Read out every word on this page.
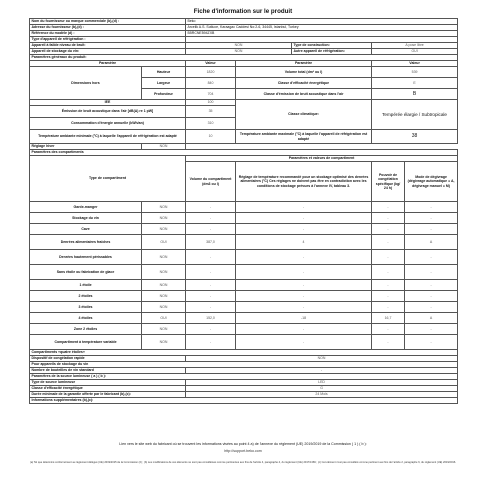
Fiche d'information sur le produit
Nom du fournisseur ou marque commerciale (b),(d) :		Beko				
Adresse du fournisseur (b),(d) :		Arcelik A.S. Sutluce, Karaagac Caddesi No:2-6, 34445, Istanbul, Turkey				
Référence du modèle (d) :		B5RCNE594ZXB				
Type d'appareil de réfrigération :						
Appareil à faible niveau de bruit:		NON		Type de construction:	A pose libre	
Appareil de stockage du vin:		NON		Autre appareil de réfrigération:	OUI	
Paramètres généraux du produit:						
Paramètre		Valeur	Paramètre		Valeur	
Dimensions hors	Hauteur	1820	Volume total (dm³ ou l)		539	
	Largeur	840	Classe d'efficacité énergétique		E	
	Profondeur	704	Classe d'émission de bruit acoustique dans l'air		B	
IEE		100	Classe climatique:		Tempérée élargie / Subtropicale	
Émission de bruit acoustique dans l'air [dB(A) re 1 pW]		35				
Consommation d'énergie annuelle (kWh/an)		310				
Température ambiante minimale (°C) à laquelle l'appareil de réfrigération est adapté		10	Température ambiante maximale (°C) à laquelle l'appareil de réfrigération est adapté		38	
Réglage hiver	NON					
Paramètres des compartiments						
Type de compartiment		Paramètres et valeurs de compartiment				
		Volume du compartiment (dm3 ou l)	Réglage de température recommandé pour un stockage optimisé des denrées alimentaires (°C) Ces réglages ne doivent pas être en contradiction avec les conditions de stockage prévues à l'annexe IV, tableau 3.		Pouvoir de congélation spécifique (kg/ 24 h)	Mode de dégivrage (dégivrage automatique = A, dégivrage manuel = M)
Garde-manger	NON	-	-		-	-
Stockage du vin	NON	-	-		-	-
Cave	NON	-	-		-	-
Denrées alimentaires fraîches	OUI	387,0	4		-	A
Denrées hautement périssables	NON	-	-		-	-
Sans étoile ou fabrication de glace	NON	-	-		-	-
1 étoile	NON	-	-		-	-
2 étoiles	NON	-	-		-	-
3 étoiles	NON	-	-		-	-
4 étoiles	OUI	152,0	-18		16,7	A
Zone 2 étoiles	NON	-	-		-	-
Compartiment à température variable	NON	-	-		-	-
Compartiments «quatre étoiles»						
Dispositif de congélation rapide		NON				
Pour appareils de stockage du vin						
Nombre de bouteilles de vin standard		-				
Paramètres de la source lumineuse ( a ) ( b ):						
Type de source lumineuse		LED				
Classe d'efficacité énergétique		G				
Durée minimale de la garantie offerte par le fabricant (b),(c):		24 Mois				
Informations supplémentaires (b),(c):						
Lien vers le site web du fabricant où se trouvent les informations visées au point 4 a) de l'annexe du règlement (UE) 2019/2019 de la Commission ( 1 ) ( b ):
http://support.beko.com
(a) Tel que déterminé conformément au règlement délégué (UE) 2019/2015 de la Commission (2) ; (b) Les modifications de ces éléments ne sont pas considérées comme pertinentes aux fins de l'article 4, paragraphe 4, du règlement (UE) 2017/1369 ; (c) Cet élément n'est pas considéré comme pertinent aux fins de l'article 2, paragraphe 6, du règlement (UE) 2019/2016.
